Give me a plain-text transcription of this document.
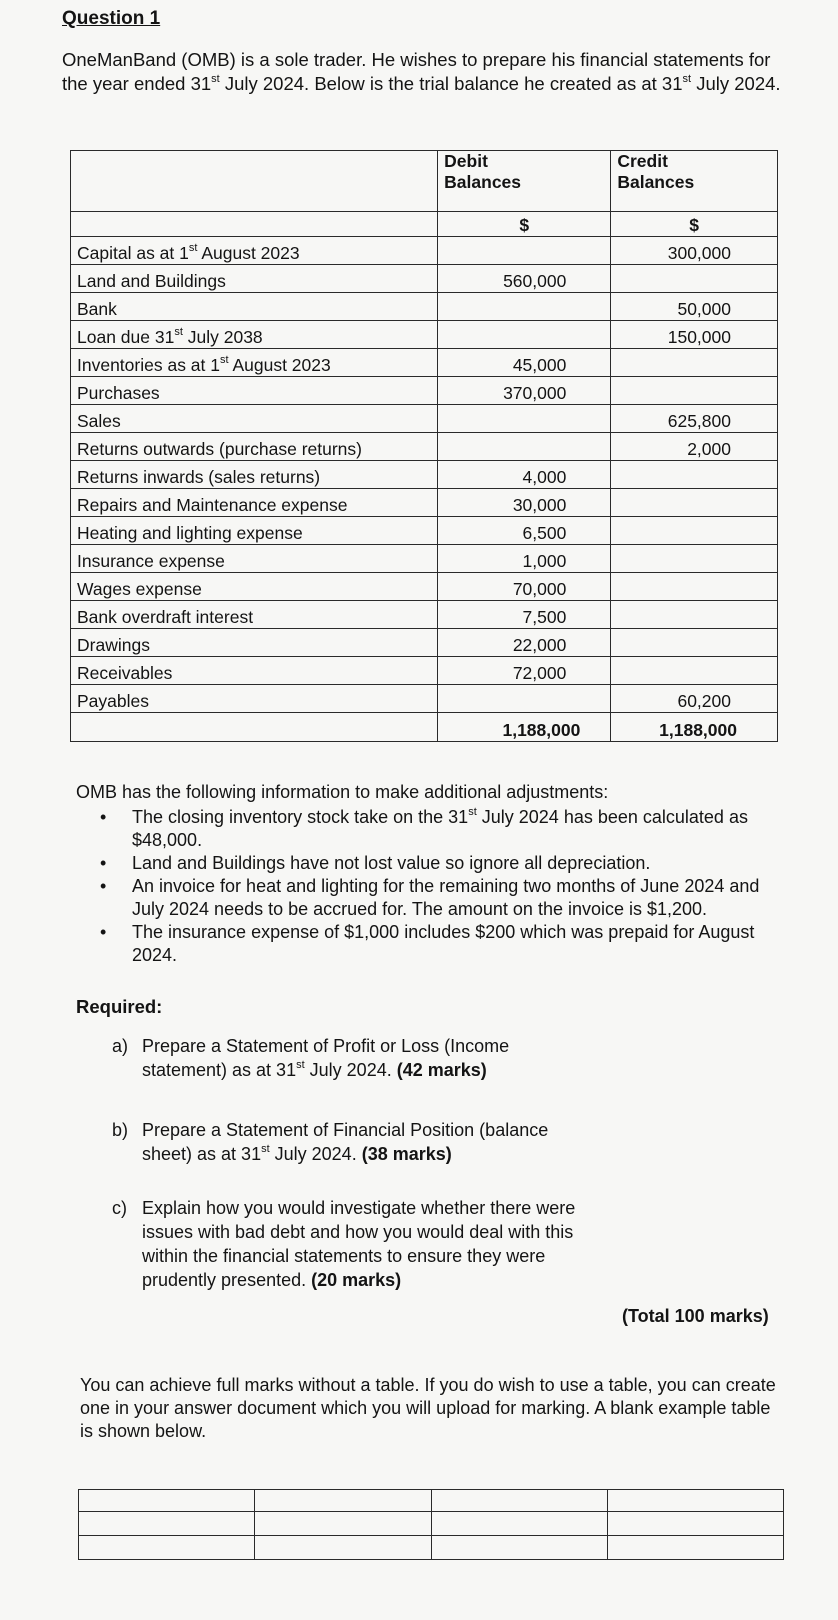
Question 1
OneManBand (OMB) is a sole trader. He wishes to prepare his financial statements for the year ended 31st July 2024. Below is the trial balance he created as at 31st July 2024.
	Debit Balances	Credit Balances
	$	$
Capital as at 1st August 2023		300,000
Land and Buildings	560,000	
Bank		50,000
Loan due 31st July 2038		150,000
Inventories as at 1st August 2023	45,000	
Purchases	370,000	
Sales		625,800
Returns outwards (purchase returns)		2,000
Returns inwards (sales returns)	4,000	
Repairs and Maintenance expense	30,000	
Heating and lighting expense	6,500	
Insurance expense	1,000	
Wages expense	70,000	
Bank overdraft interest	7,500	
Drawings	22,000	
Receivables	72,000	
Payables		60,200
	1,188,000	1,188,000
OMB has the following information to make additional adjustments:
• The closing inventory stock take on the 31st July 2024 has been calculated as $48,000.
• Land and Buildings have not lost value so ignore all depreciation.
• An invoice for heat and lighting for the remaining two months of June 2024 and July 2024 needs to be accrued for. The amount on the invoice is $1,200.
• The insurance expense of $1,000 includes $200 which was prepaid for August 2024.
Required:
a) Prepare a Statement of Profit or Loss (Income statement) as at 31st July 2024. (42 marks)
b) Prepare a Statement of Financial Position (balance sheet) as at 31st July 2024. (38 marks)
c) Explain how you would investigate whether there were issues with bad debt and how you would deal with this within the financial statements to ensure they were prudently presented. (20 marks)
(Total 100 marks)
You can achieve full marks without a table. If you do wish to use a table, you can create one in your answer document which you will upload for marking. A blank example table is shown below.
